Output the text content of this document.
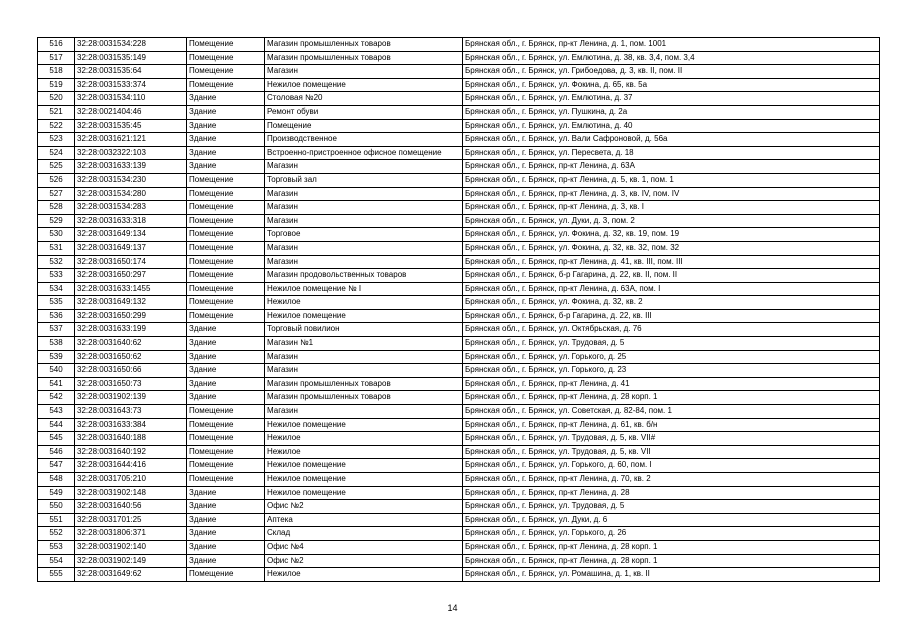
516	32:28:0031534:228	Помещение	Магазин промышленных товаров	Брянская обл., г. Брянск, пр-кт Ленина, д. 1, пом. 1001
517	32:28:0031535:149	Помещение	Магазин промышленных товаров	Брянская обл., г. Брянск, ул. Емлютина, д. 38, кв. 3,4, пом. 3,4
518	32:28:0031535:64	Помещение	Магазин	Брянская обл., г. Брянск, ул. Грибоедова, д. 3, кв. II, пом. II
519	32:28:0031533:374	Помещение	Нежилое помещение	Брянская обл., г. Брянск, ул. Фокина, д. 65, кв. 5а
520	32:28:0031534:110	Здание	Столовая №20	Брянская обл., г. Брянск, ул. Емлютина, д. 37
521	32:28:0021404:46	Здание	Ремонт обуви	Брянская обл., г. Брянск, ул. Пушкина, д. 2а
522	32:28:0031535:45	Здание	Помещение	Брянская обл., г. Брянск, ул. Емлютина, д. 40
523	32:28:0031621:121	Здание	Производственное	Брянская обл., г. Брянск, ул. Вали Сафроновой, д. 56а
524	32:28:0032322:103	Здание	Встроенно-пристроенное офисное помещение	Брянская обл., г. Брянск, ул. Пересвета, д. 18
525	32:28:0031633:139	Здание	Магазин	Брянская обл., г. Брянск, пр-кт Ленина, д. 63А
526	32:28:0031534:230	Помещение	Торговый зал	Брянская обл., г. Брянск, пр-кт Ленина, д. 5, кв. 1, пом. 1
527	32:28:0031534:280	Помещение	Магазин	Брянская обл., г. Брянск, пр-кт Ленина, д. 3, кв. IV, пом. IV
528	32:28:0031534:283	Помещение	Магазин	Брянская обл., г. Брянск, пр-кт Ленина, д. 3, кв. I
529	32:28:0031633:318	Помещение	Магазин	Брянская обл., г. Брянск, ул. Дуки, д. 3, пом. 2
530	32:28:0031649:134	Помещение	Торговое	Брянская обл., г. Брянск, ул. Фокина, д. 32, кв. 19, пом. 19
531	32:28:0031649:137	Помещение	Магазин	Брянская обл., г. Брянск, ул. Фокина, д. 32, кв. 32, пом. 32
532	32:28:0031650:174	Помещение	Магазин	Брянская обл., г. Брянск, пр-кт Ленина, д. 41, кв. III, пом. III
533	32:28:0031650:297	Помещение	Магазин продовольственных товаров	Брянская обл., г. Брянск, б-р Гагарина, д. 22, кв. II, пом. II
534	32:28:0031633:1455	Помещение	Нежилое помещение № I	Брянская обл., г. Брянск, пр-кт Ленина, д. 63А, пом. I
535	32:28:0031649:132	Помещение	Нежилое	Брянская обл., г. Брянск, ул. Фокина, д. 32, кв. 2
536	32:28:0031650:299	Помещение	Нежилое помещение	Брянская обл., г. Брянск, б-р Гагарина, д. 22, кв. III
537	32:28:0031633:199	Здание	Торговый повилион	Брянская обл., г. Брянск, ул. Октябрьская, д. 76
538	32:28:0031640:62	Здание	Магазин №1	Брянская обл., г. Брянск, ул. Трудовая, д. 5
539	32:28:0031650:62	Здание	Магазин	Брянская обл., г. Брянск, ул. Горького, д. 25
540	32:28:0031650:66	Здание	Магазин	Брянская обл., г. Брянск, ул. Горького, д. 23
541	32:28:0031650:73	Здание	Магазин промышленных товаров	Брянская обл., г. Брянск, пр-кт Ленина, д. 41
542	32:28:0031902:139	Здание	Магазин промышленных товаров	Брянская обл., г. Брянск, пр-кт Ленина, д. 28 корп. 1
543	32:28:0031643:73	Помещение	Магазин	Брянская обл., г. Брянск, ул. Советская, д. 82-84, пом. 1
544	32:28:0031633:384	Помещение	Нежилое помещение	Брянская обл., г. Брянск, пр-кт Ленина, д. 61, кв. б/н
545	32:28:0031640:188	Помещение	Нежилое	Брянская обл., г. Брянск, ул. Трудовая, д. 5, кв. VII#
546	32:28:0031640:192	Помещение	Нежилое	Брянская обл., г. Брянск, ул. Трудовая, д. 5, кв. VII
547	32:28:0031644:416	Помещение	Нежилое помещение	Брянская обл., г. Брянск, ул. Горького, д. 60, пом. I
548	32:28:0031705:210	Помещение	Нежилое помещение	Брянская обл., г. Брянск, пр-кт Ленина, д. 70, кв. 2
549	32:28:0031902:148	Здание	Нежилое помещение	Брянская обл., г. Брянск, пр-кт Ленина, д. 28
550	32:28:0031640:56	Здание	Офис №2	Брянская обл., г. Брянск, ул. Трудовая, д. 5
551	32:28:0031701:25	Здание	Аптека	Брянская обл., г. Брянск, ул. Дуки, д. 6
552	32:28:0031806:371	Здание	Склад	Брянская обл., г. Брянск, ул. Горького, д. 26
553	32:28:0031902:140	Здание	Офис №4	Брянская обл., г. Брянск, пр-кт Ленина, д. 28 корп. 1
554	32:28:0031902:149	Здание	Офис №2	Брянская обл., г. Брянск, пр-кт Ленина, д. 28 корп. 1
555	32:28:0031649:62	Помещение	Нежилое	Брянская обл., г. Брянск, ул. Ромашина, д. 1, кв. II
14
